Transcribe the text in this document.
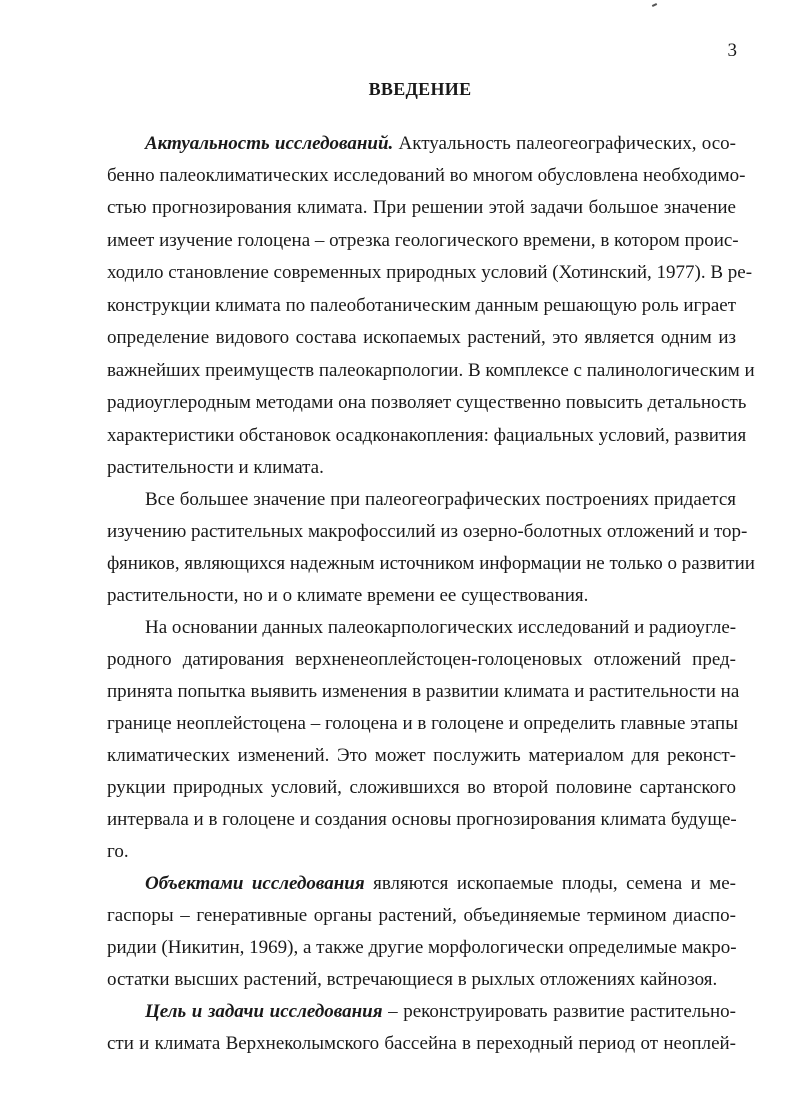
3
ВВЕДЕНИЕ
Актуальность исследований. Актуальность палеогеографических, осо-
бенно палеоклиматических исследований во многом обусловлена необходимо-
стью прогнозирования климата. При решении этой задачи большое значение
имеет изучение голоцена – отрезка геологического времени, в котором проис-
ходило становление современных природных условий (Хотинский, 1977). В ре-
конструкции климата по палеоботаническим данным решающую роль играет
определение видового состава ископаемых растений, это является одним из
важнейших преимуществ палеокарпологии. В комплексе с палинологическим и
радиоуглеродным методами она позволяет существенно повысить детальность
характеристики обстановок осадконакопления: фациальных условий, развития
растительности и климата.
Все большее значение при палеогеографических построениях придается
изучению растительных макрофоссилий из озерно-болотных отложений и тор-
фяников, являющихся надежным источником информации не только о развитии
растительности, но и о климате времени ее существования.
На основании данных палеокарпологических исследований и радиоугле-
родного датирования верхненеоплейстоцен-голоценовых отложений пред-
принята попытка выявить изменения в развитии климата и растительности на
границе неоплейстоцена – голоцена и в голоцене и определить главные этапы
климатических изменений. Это может послужить материалом для реконст-
рукции природных условий, сложившихся во второй половине сартанского
интервала и в голоцене и создания основы прогнозирования климата будуще-
го.
Объектами исследования являются ископаемые плоды, семена и ме-
гаспоры – генеративные органы растений, объединяемые термином диаспо-
ридии (Никитин, 1969), а также другие морфологически определимые макро-
остатки высших растений, встречающиеся в рыхлых отложениях кайнозоя.
Цель и задачи исследования – реконструировать развитие растительно-
сти и климата Верхнеколымского бассейна в переходный период от неоплей-
